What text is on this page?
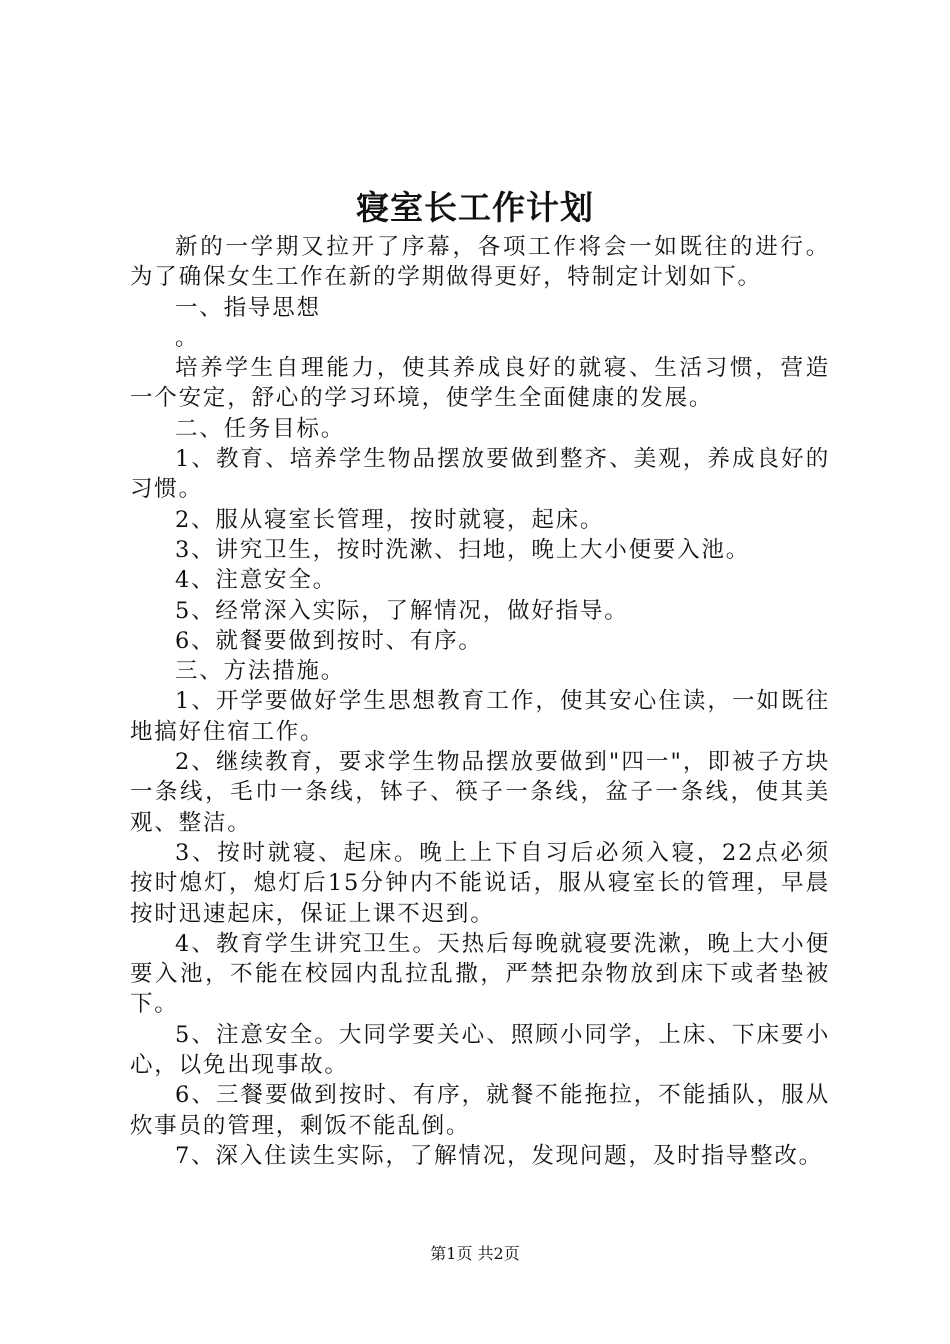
寝室长工作计划

新的一学期又拉开了序幕，各项工作将会一如既往的进行。为了确保女生工作在新的学期做得更好，特制定计划如下。

一、指导思想

。

培养学生自理能力，使其养成良好的就寝、生活习惯，营造一个安定，舒心的学习环境，使学生全面健康的发展。

二、任务目标。

1、教育、培养学生物品摆放要做到整齐、美观，养成良好的习惯。

2、服从寝室长管理，按时就寝，起床。

3、讲究卫生，按时洗漱、扫地，晚上大小便要入池。

4、注意安全。

5、经常深入实际，了解情况，做好指导。

6、就餐要做到按时、有序。

三、方法措施。

1、开学要做好学生思想教育工作，使其安心住读，一如既往地搞好住宿工作。

2、继续教育，要求学生物品摆放要做到"四一"，即被子方块一条线，毛巾一条线，钵子、筷子一条线，盆子一条线，使其美观、整洁。

3、按时就寝、起床。晚上上下自习后必须入寝，22点必须按时熄灯，熄灯后15分钟内不能说话，服从寝室长的管理，早晨按时迅速起床，保证上课不迟到。

4、教育学生讲究卫生。天热后每晚就寝要洗漱，晚上大小便要入池，不能在校园内乱拉乱撒，严禁把杂物放到床下或者垫被下。

5、注意安全。大同学要关心、照顾小同学，上床、下床要小心，以免出现事故。

6、三餐要做到按时、有序，就餐不能拖拉，不能插队，服从炊事员的管理，剩饭不能乱倒。

7、深入住读生实际，了解情况，发现问题，及时指导整改。

第1页 共2页
